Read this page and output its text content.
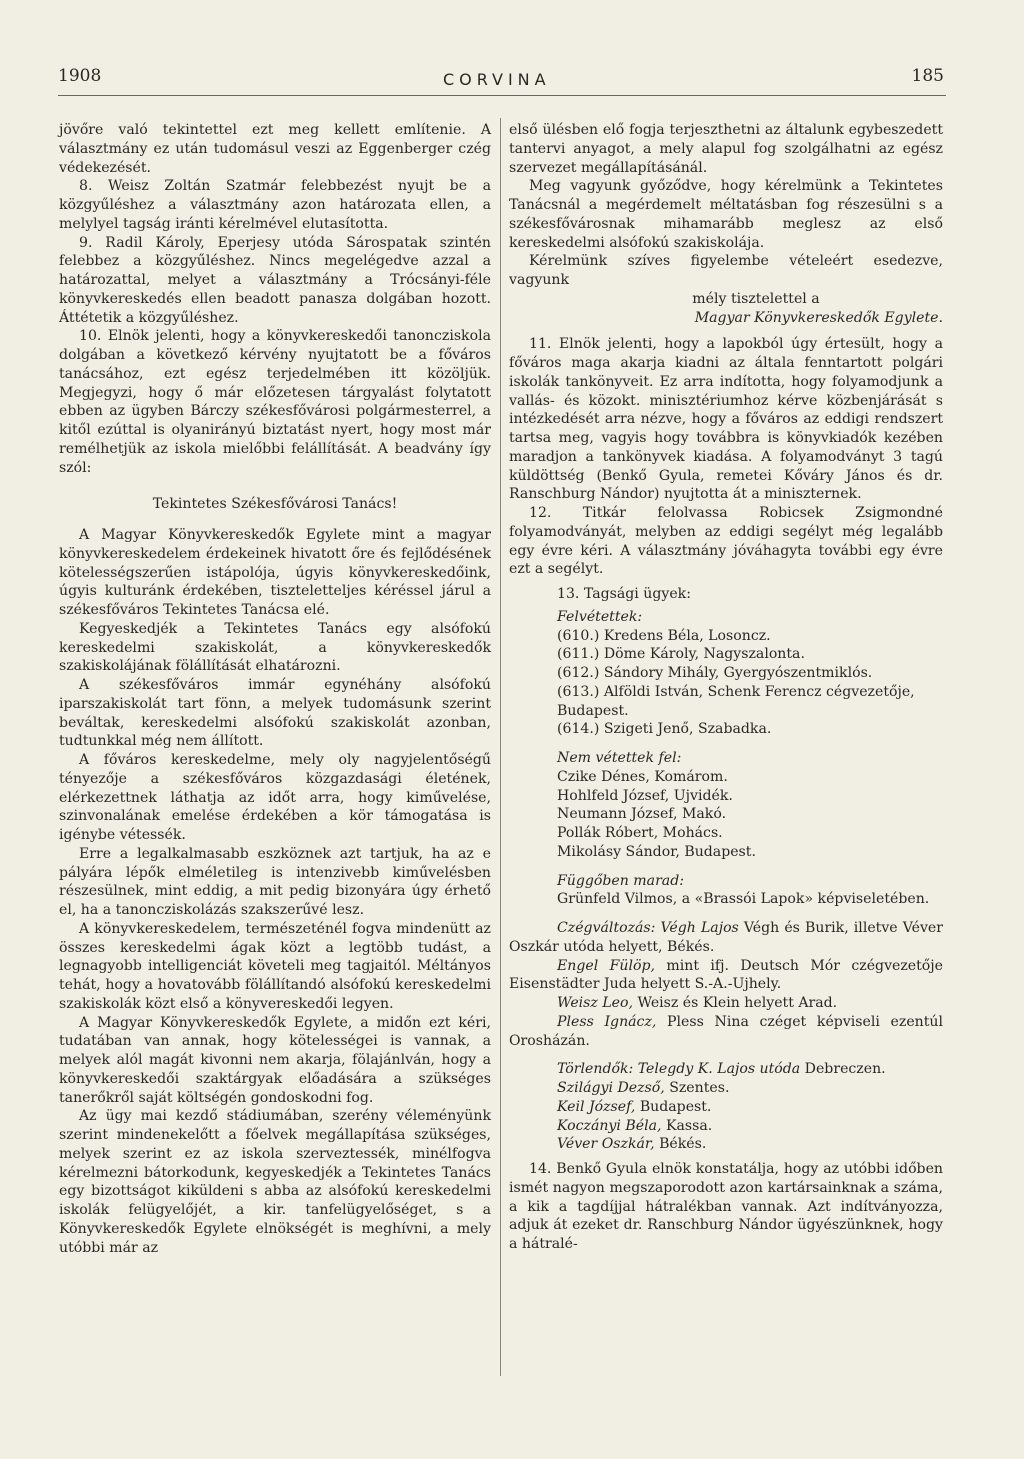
1908	CORVINA	185

jövőre való tekintettel ezt meg kellett említenie. A választmány ez után tudomásul veszi az Eggenberger czég védekezését.

8. Weisz Zoltán Szatmár felebbezést nyujt be a közgyűléshez a választmány azon határozata ellen, a melylyel tagság iránti kérelmével elutasította.

9. Radil Károly, Eperjesy utóda Sárospatak szintén felebbez a közgyűléshez. Nincs megelégedve azzal a határozattal, melyet a választmány a Trócsányi-féle könyvkereskedés ellen beadott panasza dolgában hozott. Áttétetik a közgyűléshez.

10. Elnök jelenti, hogy a könyvkereskedői tanoncziskola dolgában a következő kérvény nyujtatott be a főváros tanácsához, ezt egész terjedelmében itt közöljük. Megjegyzi, hogy ő már előzetesen tárgyalást folytatott ebben az ügyben Bárczy székesfővárosi polgármesterrel, a kitől ezúttal is olyanirányú biztatást nyert, hogy most már remélhetjük az iskola mielőbbi felállítását. A beadvány így szól:

Tekintetes Székesfővárosi Tanács!

A Magyar Könyvkereskedők Egylete mint a magyar könyvkereskedelem érdekeinek hivatott őre és fejlődésének kötelességszerűen istápolója, úgyis könyvkereskedőink, úgyis kulturánk érdekében, tiszteletteljes kéréssel járul a székesfőváros Tekintetes Tanácsa elé.

Kegyeskedjék a Tekintetes Tanács egy alsófokú kereskedelmi szakiskolát, a könyvkereskedők szakiskolájának fölállítását elhatározni.

A székesfőváros immár egynéhány alsófokú iparszakiskolát tart fönn, a melyek tudomásunk szerint beváltak, kereskedelmi alsófokú szakiskolát azonban, tudtunkkal még nem állított.

A főváros kereskedelme, mely oly nagyjelentőségű tényezője a székesfőváros közgazdasági életének, elérkezettnek láthatja az időt arra, hogy kiművelése, szinvonalának emelése érdekében a kör támogatása is igénybe vétessék.

Erre a legalkalmasabb eszköznek azt tartjuk, ha az e pályára lépők elméletileg is intenzivebb kiművelésben részesülnek, mint eddig, a mit pedig bizonyára úgy érhető el, ha a tanoncziskolázás szakszerűvé lesz.

A könyvkereskedelem, természeténél fogva mindenütt az összes kereskedelmi ágak közt a legtöbb tudást, a legnagyobb intelligenciát követeli meg tagjaitól. Méltányos tehát, hogy a hovatovább fölállítandó alsófokú kereskedelmi szakiskolák közt első a könyvereskedői legyen.

A Magyar Könyvkereskedők Egylete, a midőn ezt kéri, tudatában van annak, hogy kötelességei is vannak, a melyek alól magát kivonni nem akarja, fölajánlván, hogy a könyvkereskedői szaktárgyak előadására a szükséges tanerőkről saját költségén gondoskodni fog.

Az ügy mai kezdő stádiumában, szerény véleményünk szerint mindenekelőtt a főelvek megállapítása szükséges, melyek szerint ez az iskola szerveztessék, minélfogva kérelmezni bátorkodunk, kegyeskedjék a Tekintetes Tanács egy bizottságot kiküldeni s abba az alsófokú kereskedelmi iskolák felügyelőjét, a kir. tanfelügyelőséget, s a Könyvkereskedők Egylete elnökségét is meghívni, a mely utóbbi már az

első ülésben elő fogja terjeszthetni az általunk egybeszedett tantervi anyagot, a mely alapul fog szolgálhatni az egész szervezet megállapításánál.

Meg vagyunk győződve, hogy kérelmünk a Tekintetes Tanácsnál a megérdemelt méltatásban fog részesülni s a székesfővárosnak mihamarább meglesz az első kereskedelmi alsófokú szakiskolája.

Kérelmünk szíves figyelembe vételeért esedezve, vagyunk

mély tisztelettel a

Magyar Könyvkereskedők Egylete.

11. Elnök jelenti, hogy a lapokból úgy értesült, hogy a főváros maga akarja kiadni az általa fenntartott polgári iskolák tankönyveit. Ez arra indította, hogy folyamodjunk a vallás- és közokt. minisztériumhoz kérve közbenjárását s intézkedését arra nézve, hogy a főváros az eddigi rendszert tartsa meg, vagyis hogy továbbra is könyvkiadók kezében maradjon a tankönyvek kiadása. A folyamodványt 3 tagú küldöttség (Benkő Gyula, remetei Kőváry János és dr. Ranschburg Nándor) nyujtotta át a miniszternek.

12. Titkár felolvassa Robicsek Zsigmondné folyamodványát, melyben az eddigi segélyt még legalább egy évre kéri. A választmány jóváhagyta további egy évre ezt a segélyt.

13. Tagsági ügyek:

Felvétettek:

(610.) Kredens Béla, Losoncz.
(611.) Döme Károly, Nagyszalonta.
(612.) Sándory Mihály, Gyergyószentmiklós.
(613.) Alföldi István, Schenk Ferencz cégvezetője, Budapest.
(614.) Szigeti Jenő, Szabadka.

Nem vétettek fel:

Czike Dénes, Komárom.
Hohlfeld József, Ujvidék.
Neumann József, Makó.
Pollák Róbert, Mohács.
Mikolásy Sándor, Budapest.

Függőben marad:

Grünfeld Vilmos, a «Brassói Lapok» képviseletében.

Czégváltozás: Végh Lajos Végh és Burik, illetve Véver Oszkár utóda helyett, Békés.

Engel Fülöp, mint ifj. Deutsch Mór czégvezetője Eisenstädter Juda helyett S.-A.-Ujhely.

Weisz Leo, Weisz és Klein helyett Arad.

Pless Ignácz, Pless Nina czéget képviseli ezentúl Orosházán.

Törlendők: Telegdy K. Lajos utóda Debreczen.

Szilágyi Dezső, Szentes.

Keil József, Budapest.

Koczányi Béla, Kassa.

Véver Oszkár, Békés.

14. Benkő Gyula elnök konstatálja, hogy az utóbbi időben ismét nagyon megszaporodott azon kartársainknak a száma, a kik a tagdíjjal hátralékban vannak. Azt indítványozza, adjuk át ezeket dr. Ranschburg Nándor ügyészünknek, hogy a hátralé-
